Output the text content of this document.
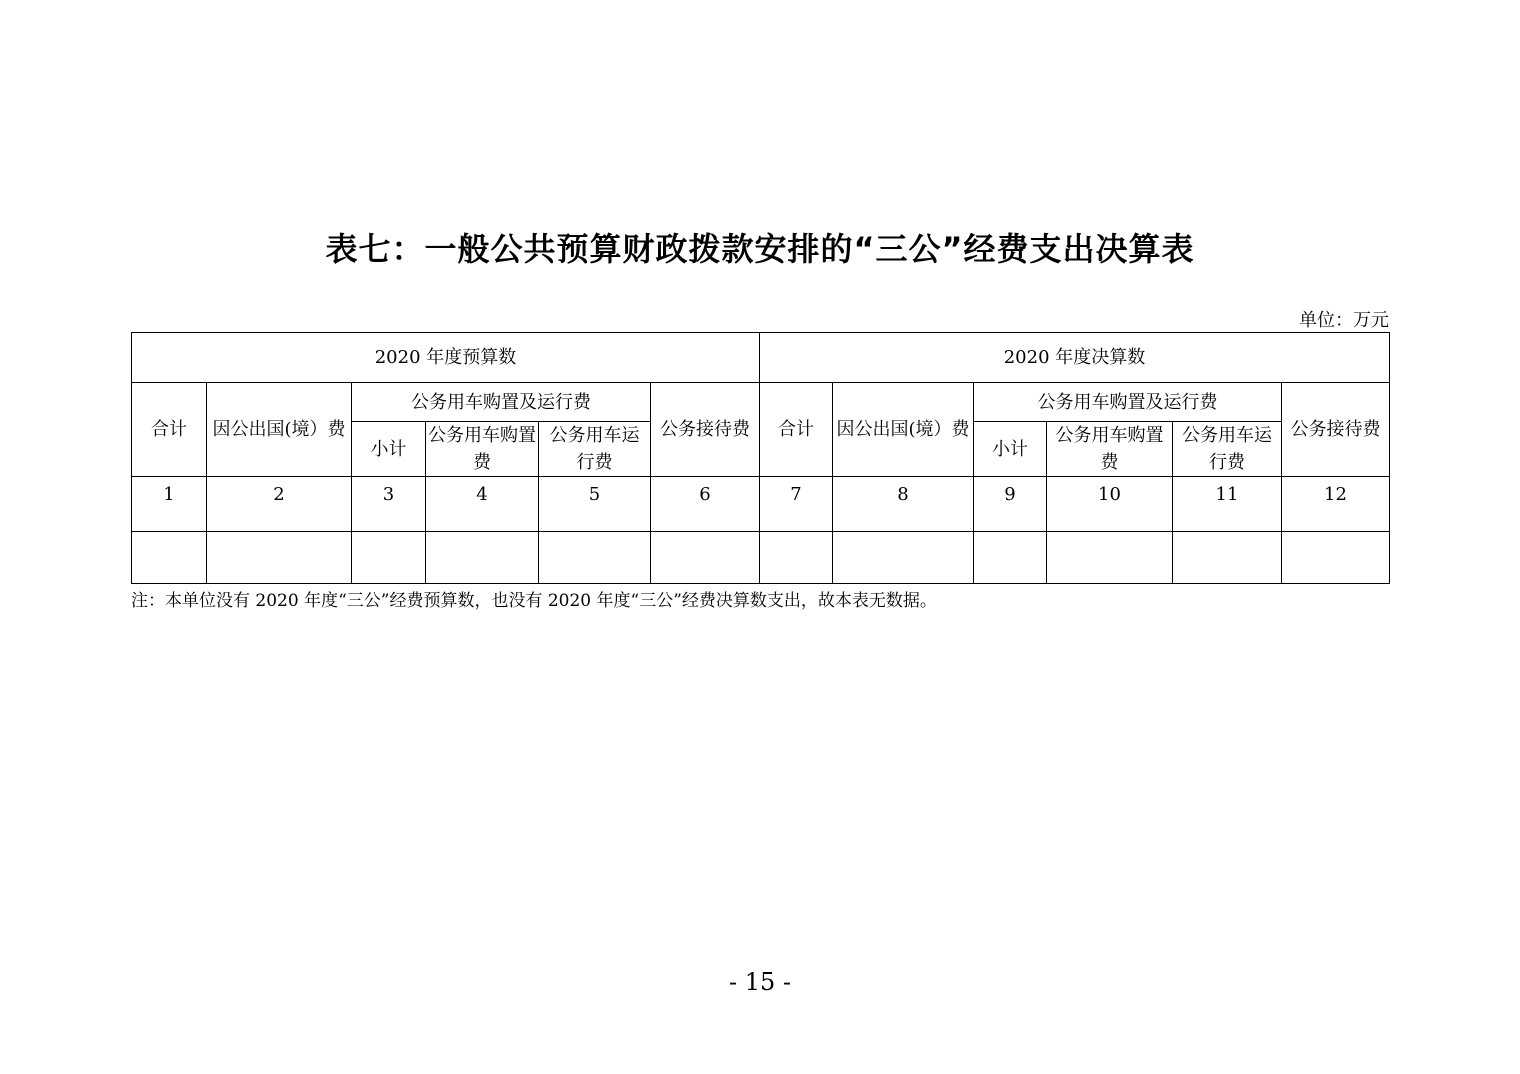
表七：一般公共预算财政拨款安排的“三公”经费支出决算表
单位：万元
2020 年度预算数						2020 年度决算数					
合计	因公出国(境）费	公务用车购置及运行费			公务接待费	合计	因公出国(境）费	公务用车购置及运行费			公务接待费
		小计	公务用车购置费	公务用车运行费				小计	公务用车购置费	公务用车运行费	
1	2	3	4	5	6	7	8	9	10	11	12

注：本单位没有 2020 年度“三公”经费预算数，也没有 2020 年度“三公”经费决算数支出，故本表无数据。
- 15 -
